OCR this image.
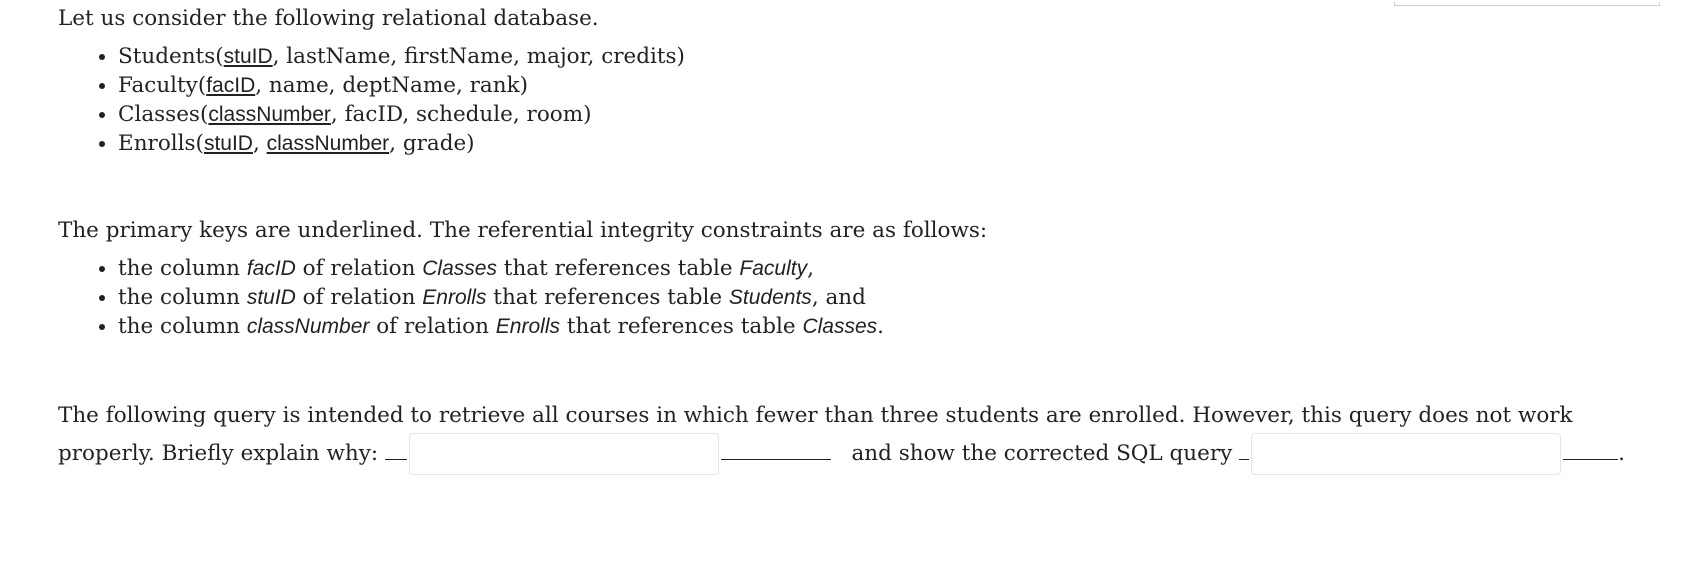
Let us consider the following relational database.

• Students(stuID, lastName, firstName, major, credits)
• Faculty(facID, name, deptName, rank)
• Classes(classNumber, facID, schedule, room)
• Enrolls(stuID, classNumber, grade)

The primary keys are underlined. The referential integrity constraints are as follows:

• the column facID of relation Classes that references table Faculty,
• the column stuID of relation Enrolls that references table Students, and
• the column classNumber of relation Enrolls that references table Classes.

The following query is intended to retrieve all courses in which fewer than three students are enrolled. However, this query does not work

properly. Briefly explain why:	and show the corrected SQL query	.
